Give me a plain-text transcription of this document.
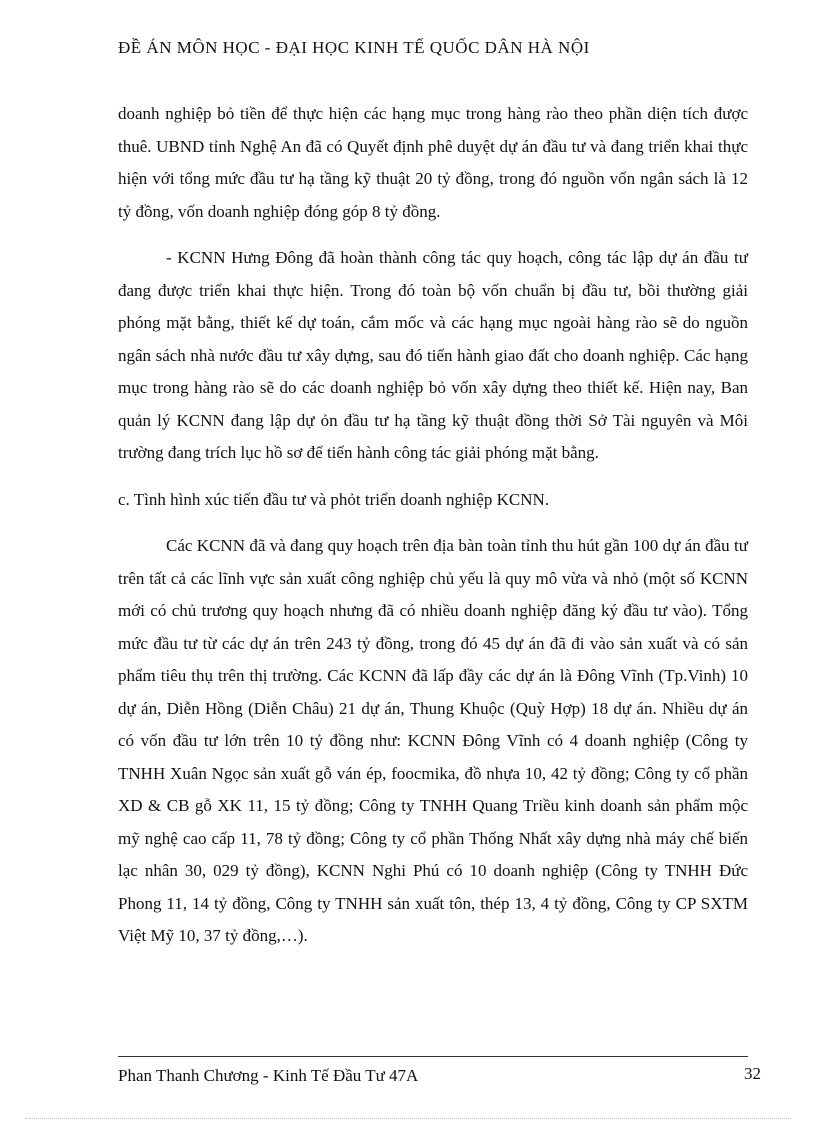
ĐỀ ÁN MÔN HỌC - ĐẠI HỌC KINH TẾ QUỐC DÂN HÀ NỘI

doanh nghiệp bỏ tiền để thực hiện các hạng mục trong hàng rào theo phần diện tích được thuê. UBND tỉnh Nghệ An đã có Quyết định phê duyệt dự án đầu tư và đang triển khai thực hiện với tổng mức đầu tư hạ tầng kỹ thuật 20 tỷ đồng, trong đó nguồn vốn ngân sách là 12 tỷ đồng, vốn doanh nghiệp đóng góp 8 tỷ đồng.

- KCNN Hưng Đông đã hoàn thành công tác quy hoạch, công tác lập dự án đầu tư đang được triển khai thực hiện. Trong đó toàn bộ vốn chuẩn bị đầu tư, bồi thường giải phóng mặt bằng, thiết kế dự toán, cắm mốc và các hạng mục ngoài hàng rào sẽ do nguồn ngân sách nhà nước đầu tư xây dựng, sau đó tiến hành giao đất cho doanh nghiệp. Các hạng mục trong hàng rào sẽ do các doanh nghiệp bỏ vốn xây dựng theo thiết kế. Hiện nay, Ban quản lý KCNN đang lập dự ỏn đầu tư hạ tầng kỹ thuật đồng thời Sở Tài nguyên và Môi trường đang trích lục hồ sơ để tiến hành công tác giải phóng mặt bằng.

c. Tình hình xúc tiến đầu tư và phỏt triển doanh nghiệp KCNN.

Các KCNN đã và đang quy hoạch trên địa bàn toàn tỉnh thu hút gần 100 dự án đầu tư trên tất cả các lĩnh vực sản xuất công nghiệp chủ yếu là quy mô vừa và nhỏ (một số KCNN mới có chủ trương quy hoạch nhưng đã có nhiều doanh nghiệp đăng ký đầu tư vào). Tổng mức đầu tư từ các dự án trên 243 tỷ đồng, trong đó 45 dự án đã đi vào sản xuất và có sản phẩm tiêu thụ trên thị trường. Các KCNN đã lấp đầy các dự án là Đông Vĩnh (Tp.Vinh) 10 dự án, Diễn Hồng (Diễn Châu) 21 dự án, Thung Khuộc (Quỳ Hợp) 18 dự án. Nhiều dự án có vốn đầu tư lớn trên 10 tỷ đồng như: KCNN Đông Vĩnh có 4 doanh nghiệp (Công ty TNHH Xuân Ngọc sản xuất gỗ ván ép, foocmika, đồ nhựa 10, 42 tỷ đồng; Công ty cổ phần XD & CB gỗ XK 11, 15 tỷ đồng; Công ty TNHH Quang Triều kinh doanh sản phẩm mộc mỹ nghệ cao cấp 11, 78 tỷ đồng; Công ty cổ phần Thống Nhất xây dựng nhà máy chế biến lạc nhân 30, 029 tỷ đồng), KCNN Nghi Phú có 10 doanh nghiệp (Công ty TNHH Đức Phong 11, 14 tỷ đồng, Công ty TNHH sản xuất tôn, thép 13, 4 tỷ đồng, Công ty CP SXTM Việt Mỹ 10, 37 tỷ đồng,…).

Phan Thanh Chương - Kinh Tế Đầu Tư 47A	32
